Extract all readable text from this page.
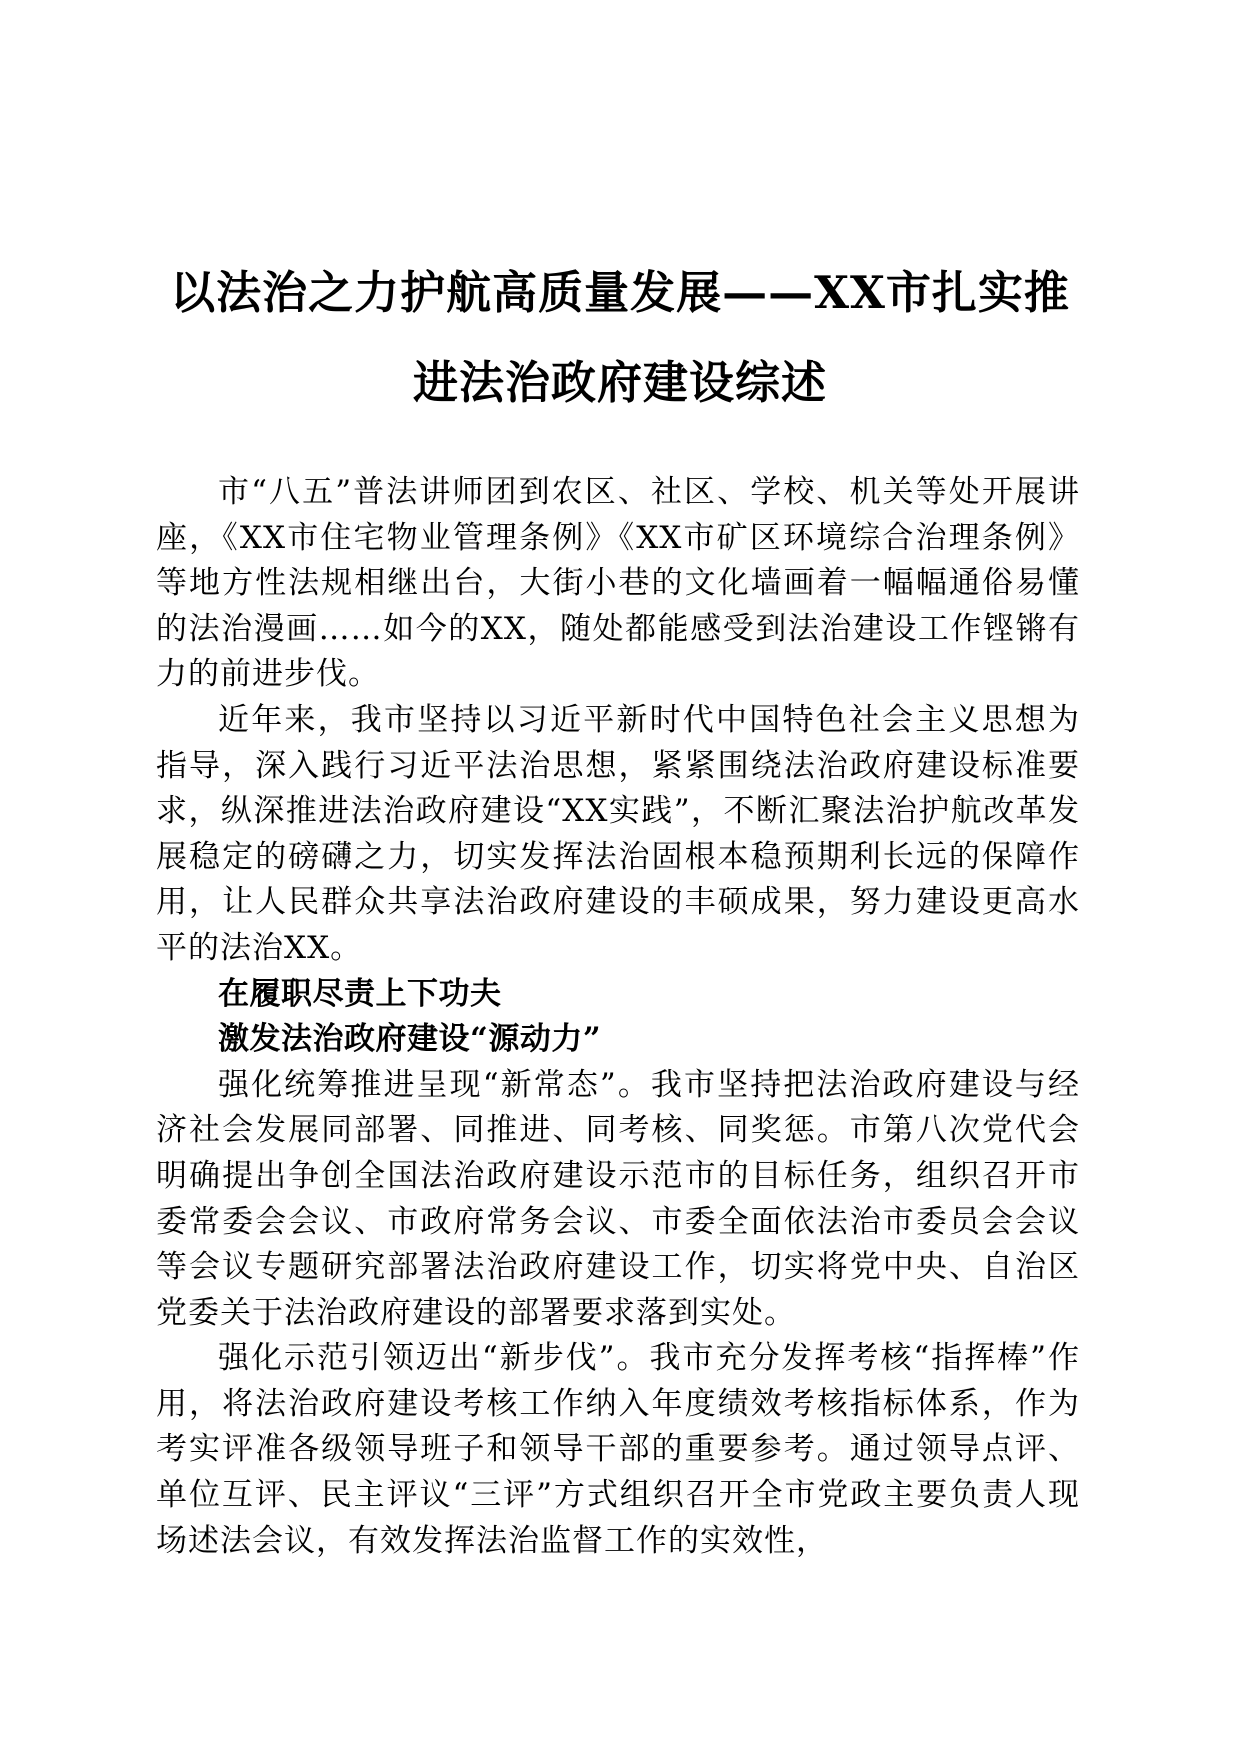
以法治之力护航高质量发展——XX市扎实推
进法治政府建设综述

市“八五”普法讲师团到农区、社区、学校、机关等处开展讲座，《XX市住宅物业管理条例》《XX市矿区环境综合治理条例》等地方性法规相继出台，大街小巷的文化墙画着一幅幅通俗易懂的法治漫画……如今的XX，随处都能感受到法治建设工作铿锵有力的前进步伐。

近年来，我市坚持以习近平新时代中国特色社会主义思想为指导，深入践行习近平法治思想，紧紧围绕法治政府建设标准要求，纵深推进法治政府建设“XX实践”，不断汇聚法治护航改革发展稳定的磅礴之力，切实发挥法治固根本稳预期利长远的保障作用，让人民群众共享法治政府建设的丰硕成果，努力建设更高水平的法治XX。

在履职尽责上下功夫

激发法治政府建设“源动力”

强化统筹推进呈现“新常态”。我市坚持把法治政府建设与经济社会发展同部署、同推进、同考核、同奖惩。市第八次党代会明确提出争创全国法治政府建设示范市的目标任务，组织召开市委常委会会议、市政府常务会议、市委全面依法治市委员会会议等会议专题研究部署法治政府建设工作，切实将党中央、自治区党委关于法治政府建设的部署要求落到实处。

强化示范引领迈出“新步伐”。我市充分发挥考核“指挥棒”作用，将法治政府建设考核工作纳入年度绩效考核指标体系，作为考实评准各级领导班子和领导干部的重要参考。通过领导点评、单位互评、民主评议“三评”方式组织召开全市党政主要负责人现场述法会议，有效发挥法治监督工作的实效性，
